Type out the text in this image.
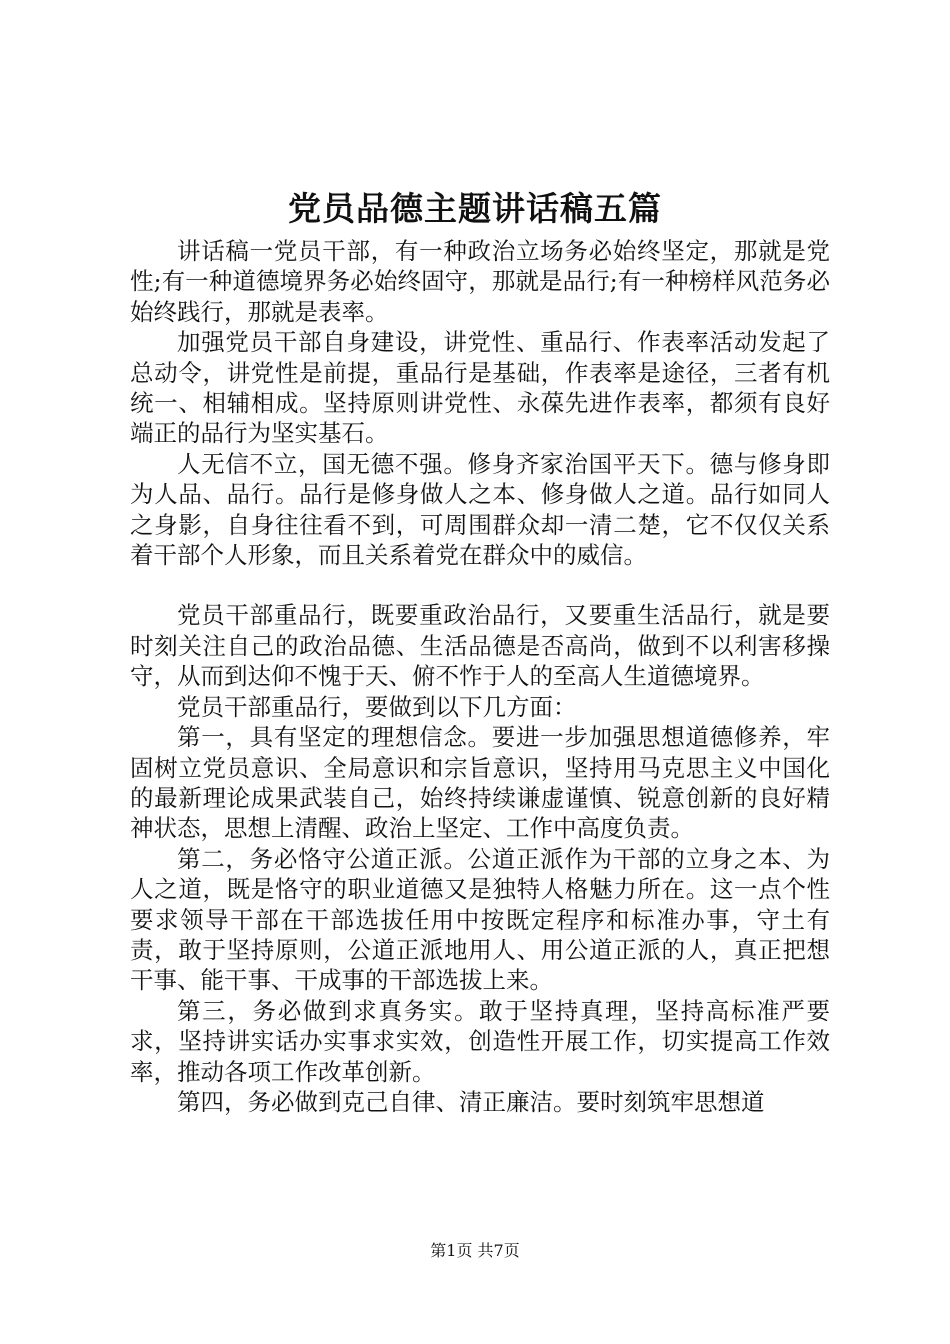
党员品德主题讲话稿五篇

讲话稿一党员干部，有一种政治立场务必始终坚定，那就是党性;有一种道德境界务必始终固守，那就是品行;有一种榜样风范务必始终践行，那就是表率。

加强党员干部自身建设，讲党性、重品行、作表率活动发起了总动令，讲党性是前提，重品行是基础，作表率是途径，三者有机统一、相辅相成。坚持原则讲党性、永葆先进作表率，都须有良好端正的品行为坚实基石。

人无信不立，国无德不强。修身齐家治国平天下。德与修身即为人品、品行。品行是修身做人之本、修身做人之道。品行如同人之身影，自身往往看不到，可周围群众却一清二楚，它不仅仅关系着干部个人形象，而且关系着党在群众中的威信。

党员干部重品行，既要重政治品行，又要重生活品行，就是要时刻关注自己的政治品德、生活品德是否高尚，做到不以利害移操守，从而到达仰不愧于天、俯不怍于人的至高人生道德境界。

党员干部重品行，要做到以下几方面：

第一，具有坚定的理想信念。要进一步加强思想道德修养，牢固树立党员意识、全局意识和宗旨意识，坚持用马克思主义中国化的最新理论成果武装自己，始终持续谦虚谨慎、锐意创新的良好精神状态，思想上清醒、政治上坚定、工作中高度负责。

第二，务必恪守公道正派。公道正派作为干部的立身之本、为人之道，既是恪守的职业道德又是独特人格魅力所在。这一点个性要求领导干部在干部选拔任用中按既定程序和标准办事，守土有责，敢于坚持原则，公道正派地用人、用公道正派的人，真正把想干事、能干事、干成事的干部选拔上来。

第三，务必做到求真务实。敢于坚持真理，坚持高标准严要求，坚持讲实话办实事求实效，创造性开展工作，切实提高工作效率，推动各项工作改革创新。

第四，务必做到克己自律、清正廉洁。要时刻筑牢思想道

第1页 共7页
